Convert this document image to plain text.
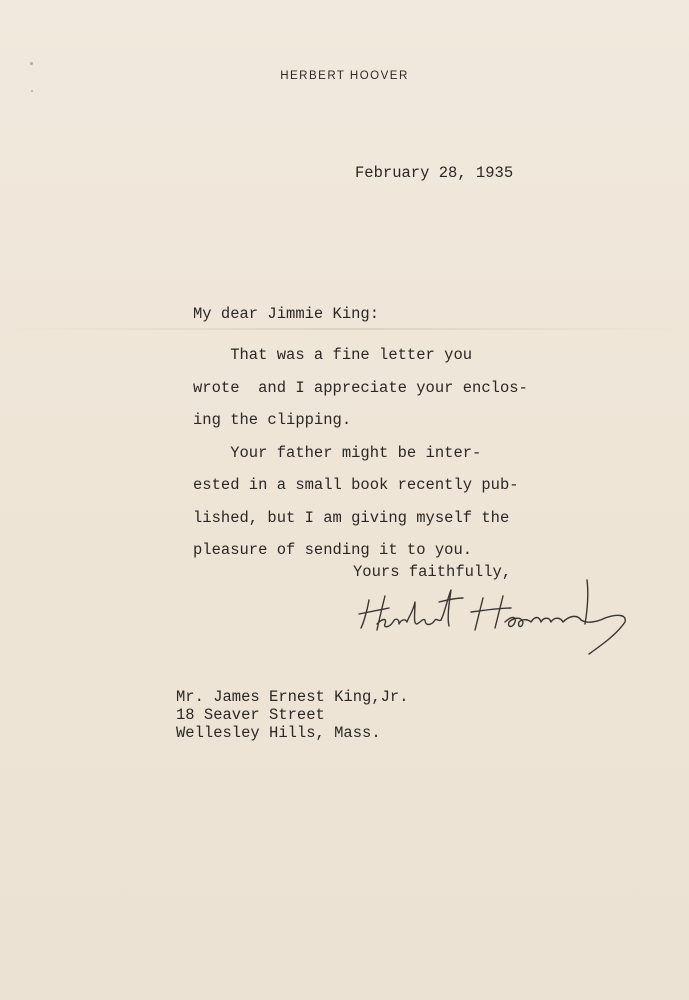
HERBERT HOOVER
February 28, 1935
My dear Jimmie King:
That was a fine letter you
wrote  and I appreciate your enclos-
ing the clipping.
Your father might be inter-
ested in a small book recently pub-
lished, but I am giving myself the
pleasure of sending it to you.
Yours faithfully,
Mr. James Ernest King,Jr.
18 Seaver Street
Wellesley Hills, Mass.
